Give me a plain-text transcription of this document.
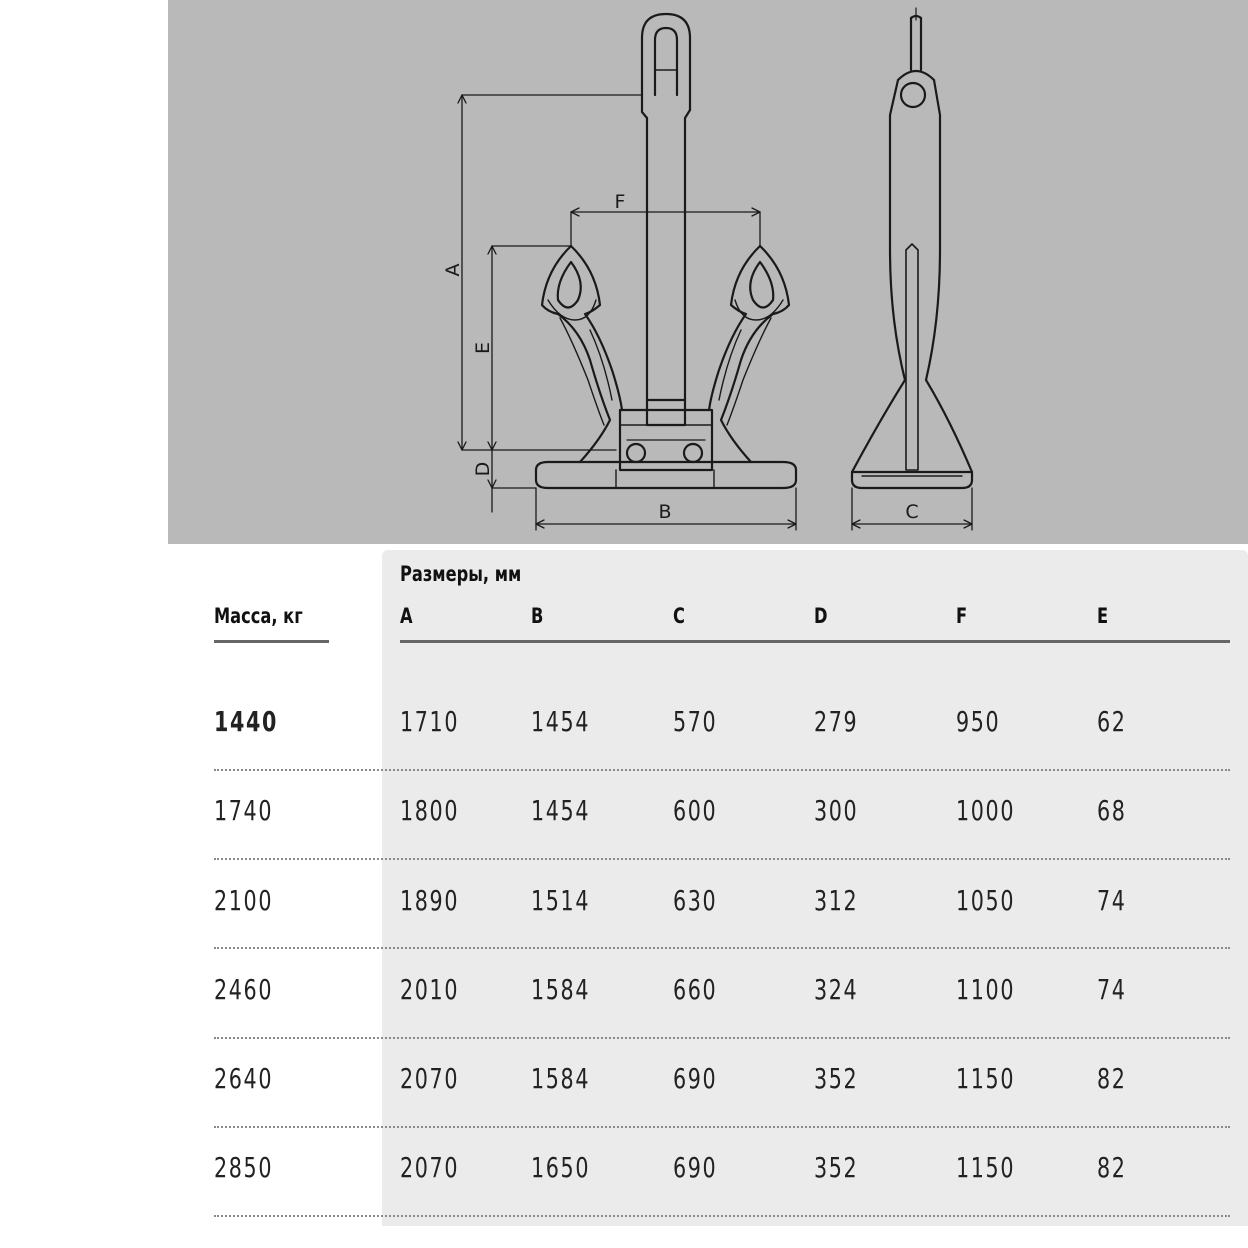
A
E
D
F
B	C
Размеры, мм
Масса, кг	A	B	C	D	F	E
1440	1710	1454	570	279	950	62
1740	1800	1454	600	300	1000	68
2100	1890	1514	630	312	1050	74
2460	2010	1584	660	324	1100	74
2640	2070	1584	690	352	1150	82
2850	2070	1650	690	352	1150	82
